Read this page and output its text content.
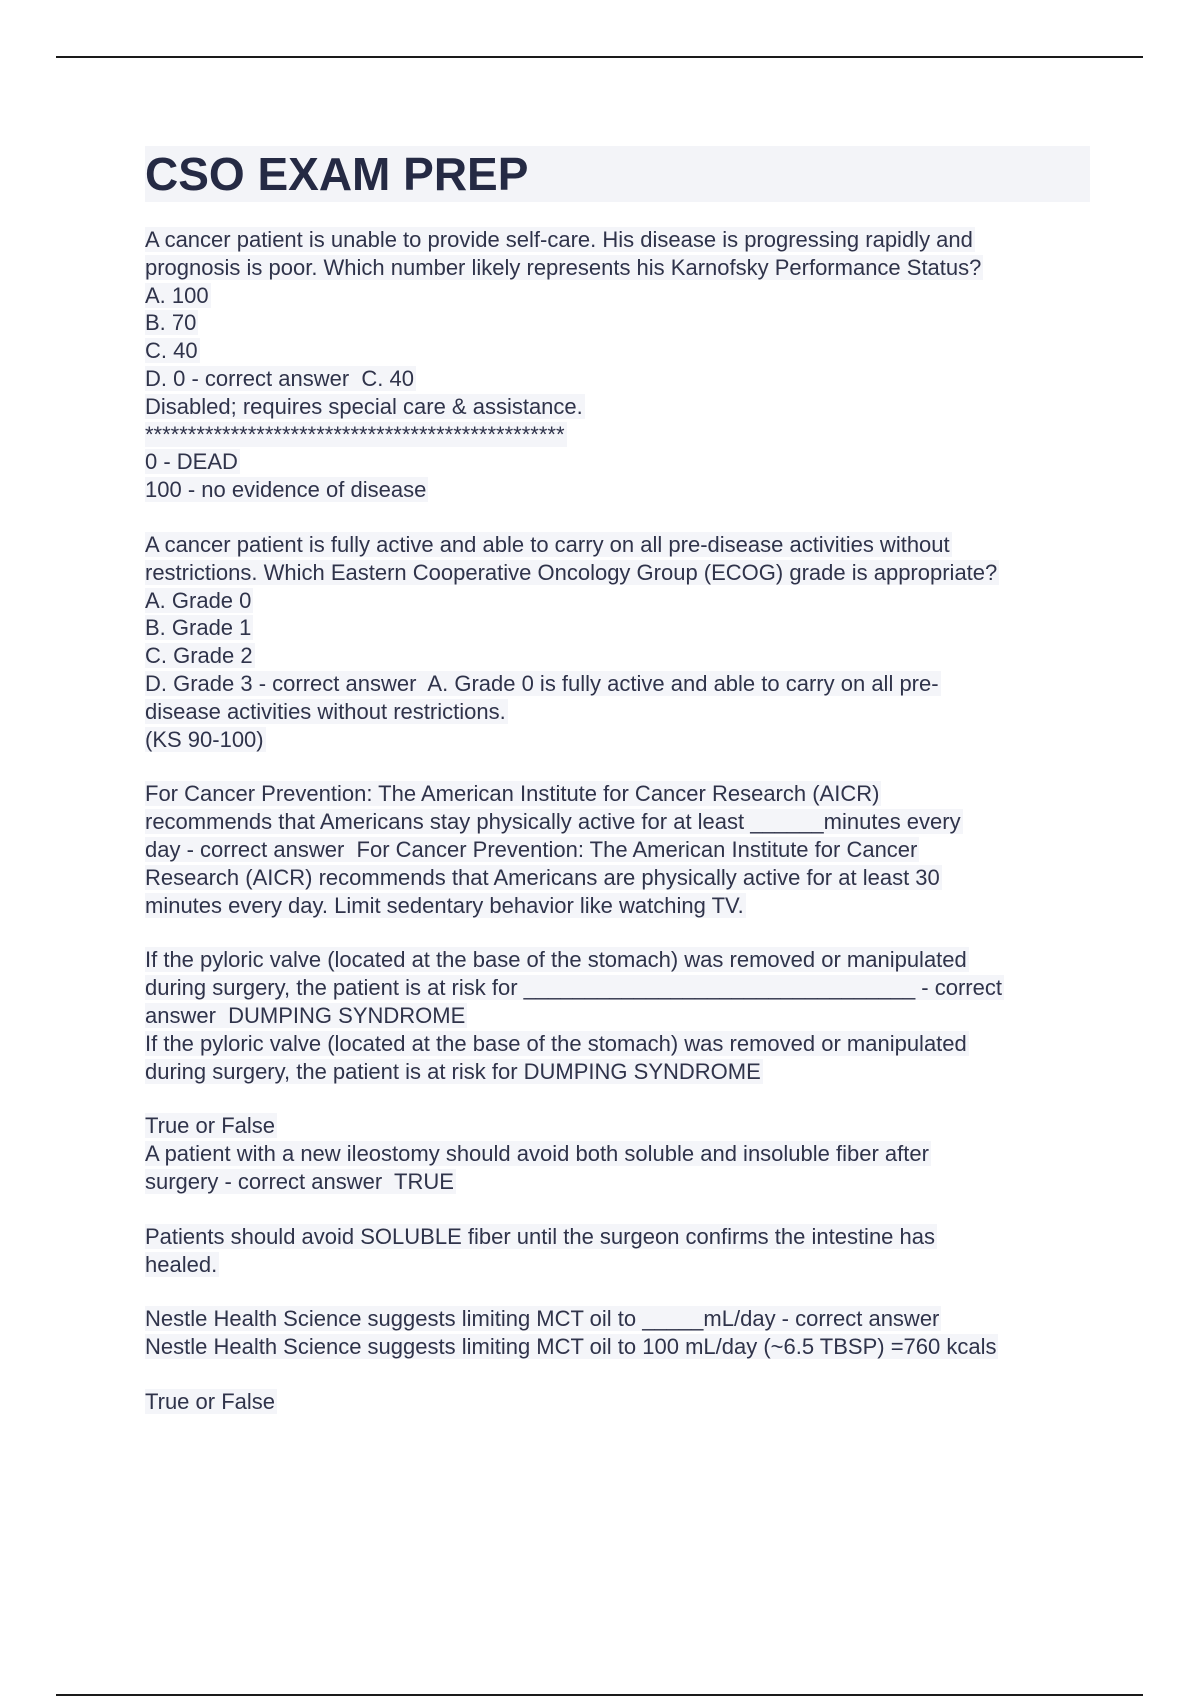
CSO EXAM PREP
A cancer patient is unable to provide self-care. His disease is progressing rapidly and
prognosis is poor. Which number likely represents his Karnofsky Performance Status?
A. 100
B. 70
C. 40
D. 0 - correct answer  C. 40
Disabled; requires special care & assistance.
*************************************************
0 - DEAD
100 - no evidence of disease
A cancer patient is fully active and able to carry on all pre-disease activities without
restrictions. Which Eastern Cooperative Oncology Group (ECOG) grade is appropriate?
A. Grade 0
B. Grade 1
C. Grade 2
D. Grade 3 - correct answer  A. Grade 0 is fully active and able to carry on all pre-
disease activities without restrictions.
(KS 90-100)
For Cancer Prevention: The American Institute for Cancer Research (AICR)
recommends that Americans stay physically active for at least ______minutes every
day - correct answer  For Cancer Prevention: The American Institute for Cancer
Research (AICR) recommends that Americans are physically active for at least 30
minutes every day. Limit sedentary behavior like watching TV.
If the pyloric valve (located at the base of the stomach) was removed or manipulated
during surgery, the patient is at risk for ________________________________ - correct
answer  DUMPING SYNDROME
If the pyloric valve (located at the base of the stomach) was removed or manipulated
during surgery, the patient is at risk for DUMPING SYNDROME
True or False
A patient with a new ileostomy should avoid both soluble and insoluble fiber after
surgery - correct answer  TRUE
Patients should avoid SOLUBLE fiber until the surgeon confirms the intestine has
healed.
Nestle Health Science suggests limiting MCT oil to _____mL/day - correct answer
Nestle Health Science suggests limiting MCT oil to 100 mL/day (~6.5 TBSP) =760 kcals
True or False
